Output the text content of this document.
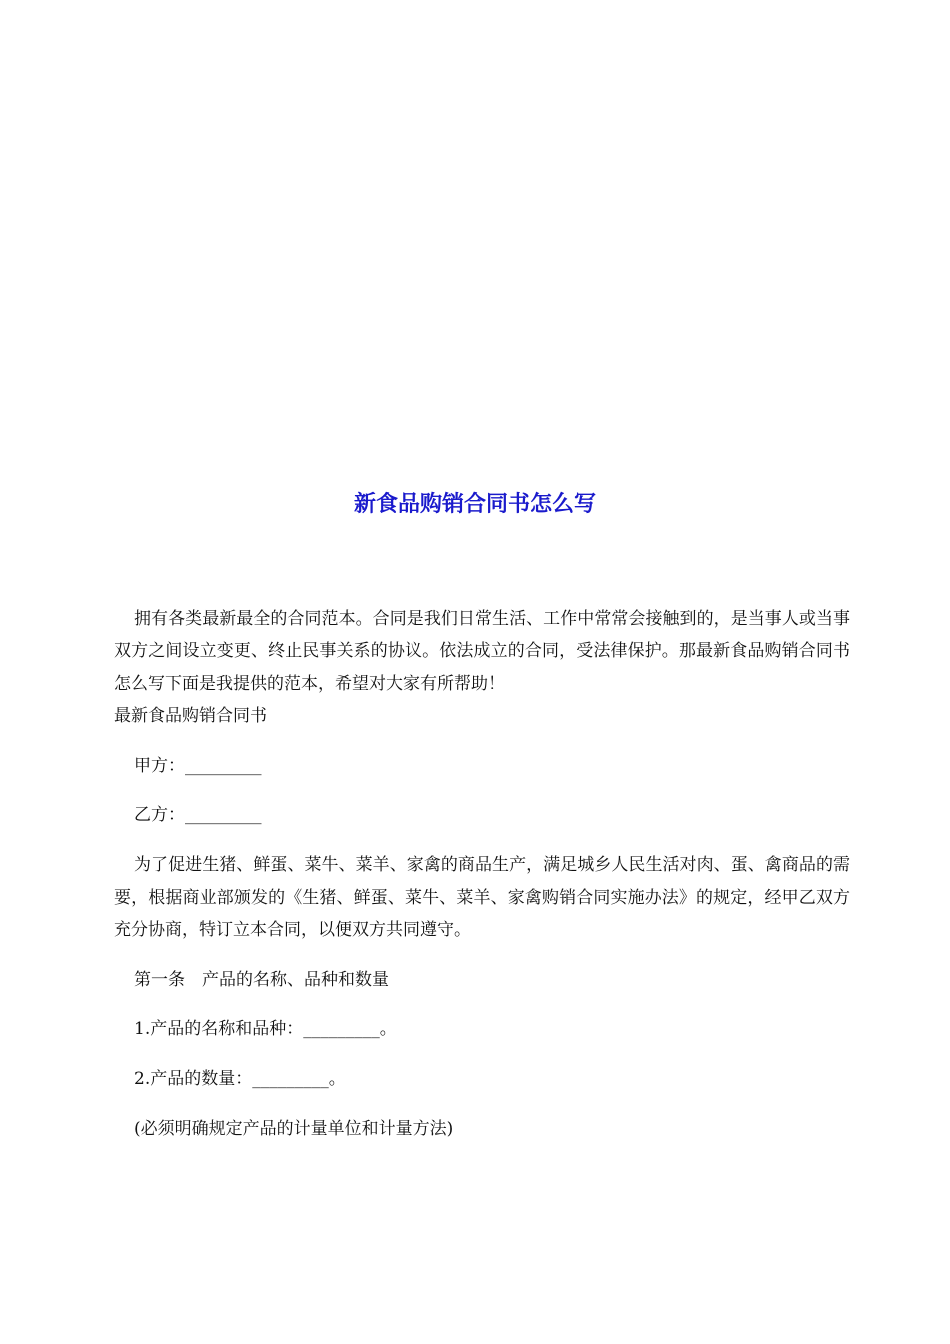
新食品购销合同书怎么写

拥有各类最新最全的合同范本。合同是我们日常生活、工作中常常会接触到的，是当事人或当事双方之间设立变更、终止民事关系的协议。依法成立的合同，受法律保护。那最新食品购销合同书怎么写下面是我提供的范本，希望对大家有所帮助！

最新食品购销合同书

甲方：_________

乙方：_________

为了促进生猪、鲜蛋、菜牛、菜羊、家禽的商品生产，满足城乡人民生活对肉、蛋、禽商品的需要，根据商业部颁发的《生猪、鲜蛋、菜牛、菜羊、家禽购销合同实施办法》的规定，经甲乙双方充分协商，特订立本合同，以便双方共同遵守。

第一条　产品的名称、品种和数量

1.产品的名称和品种：_________。

2.产品的数量：_________。

(必须明确规定产品的计量单位和计量方法)
